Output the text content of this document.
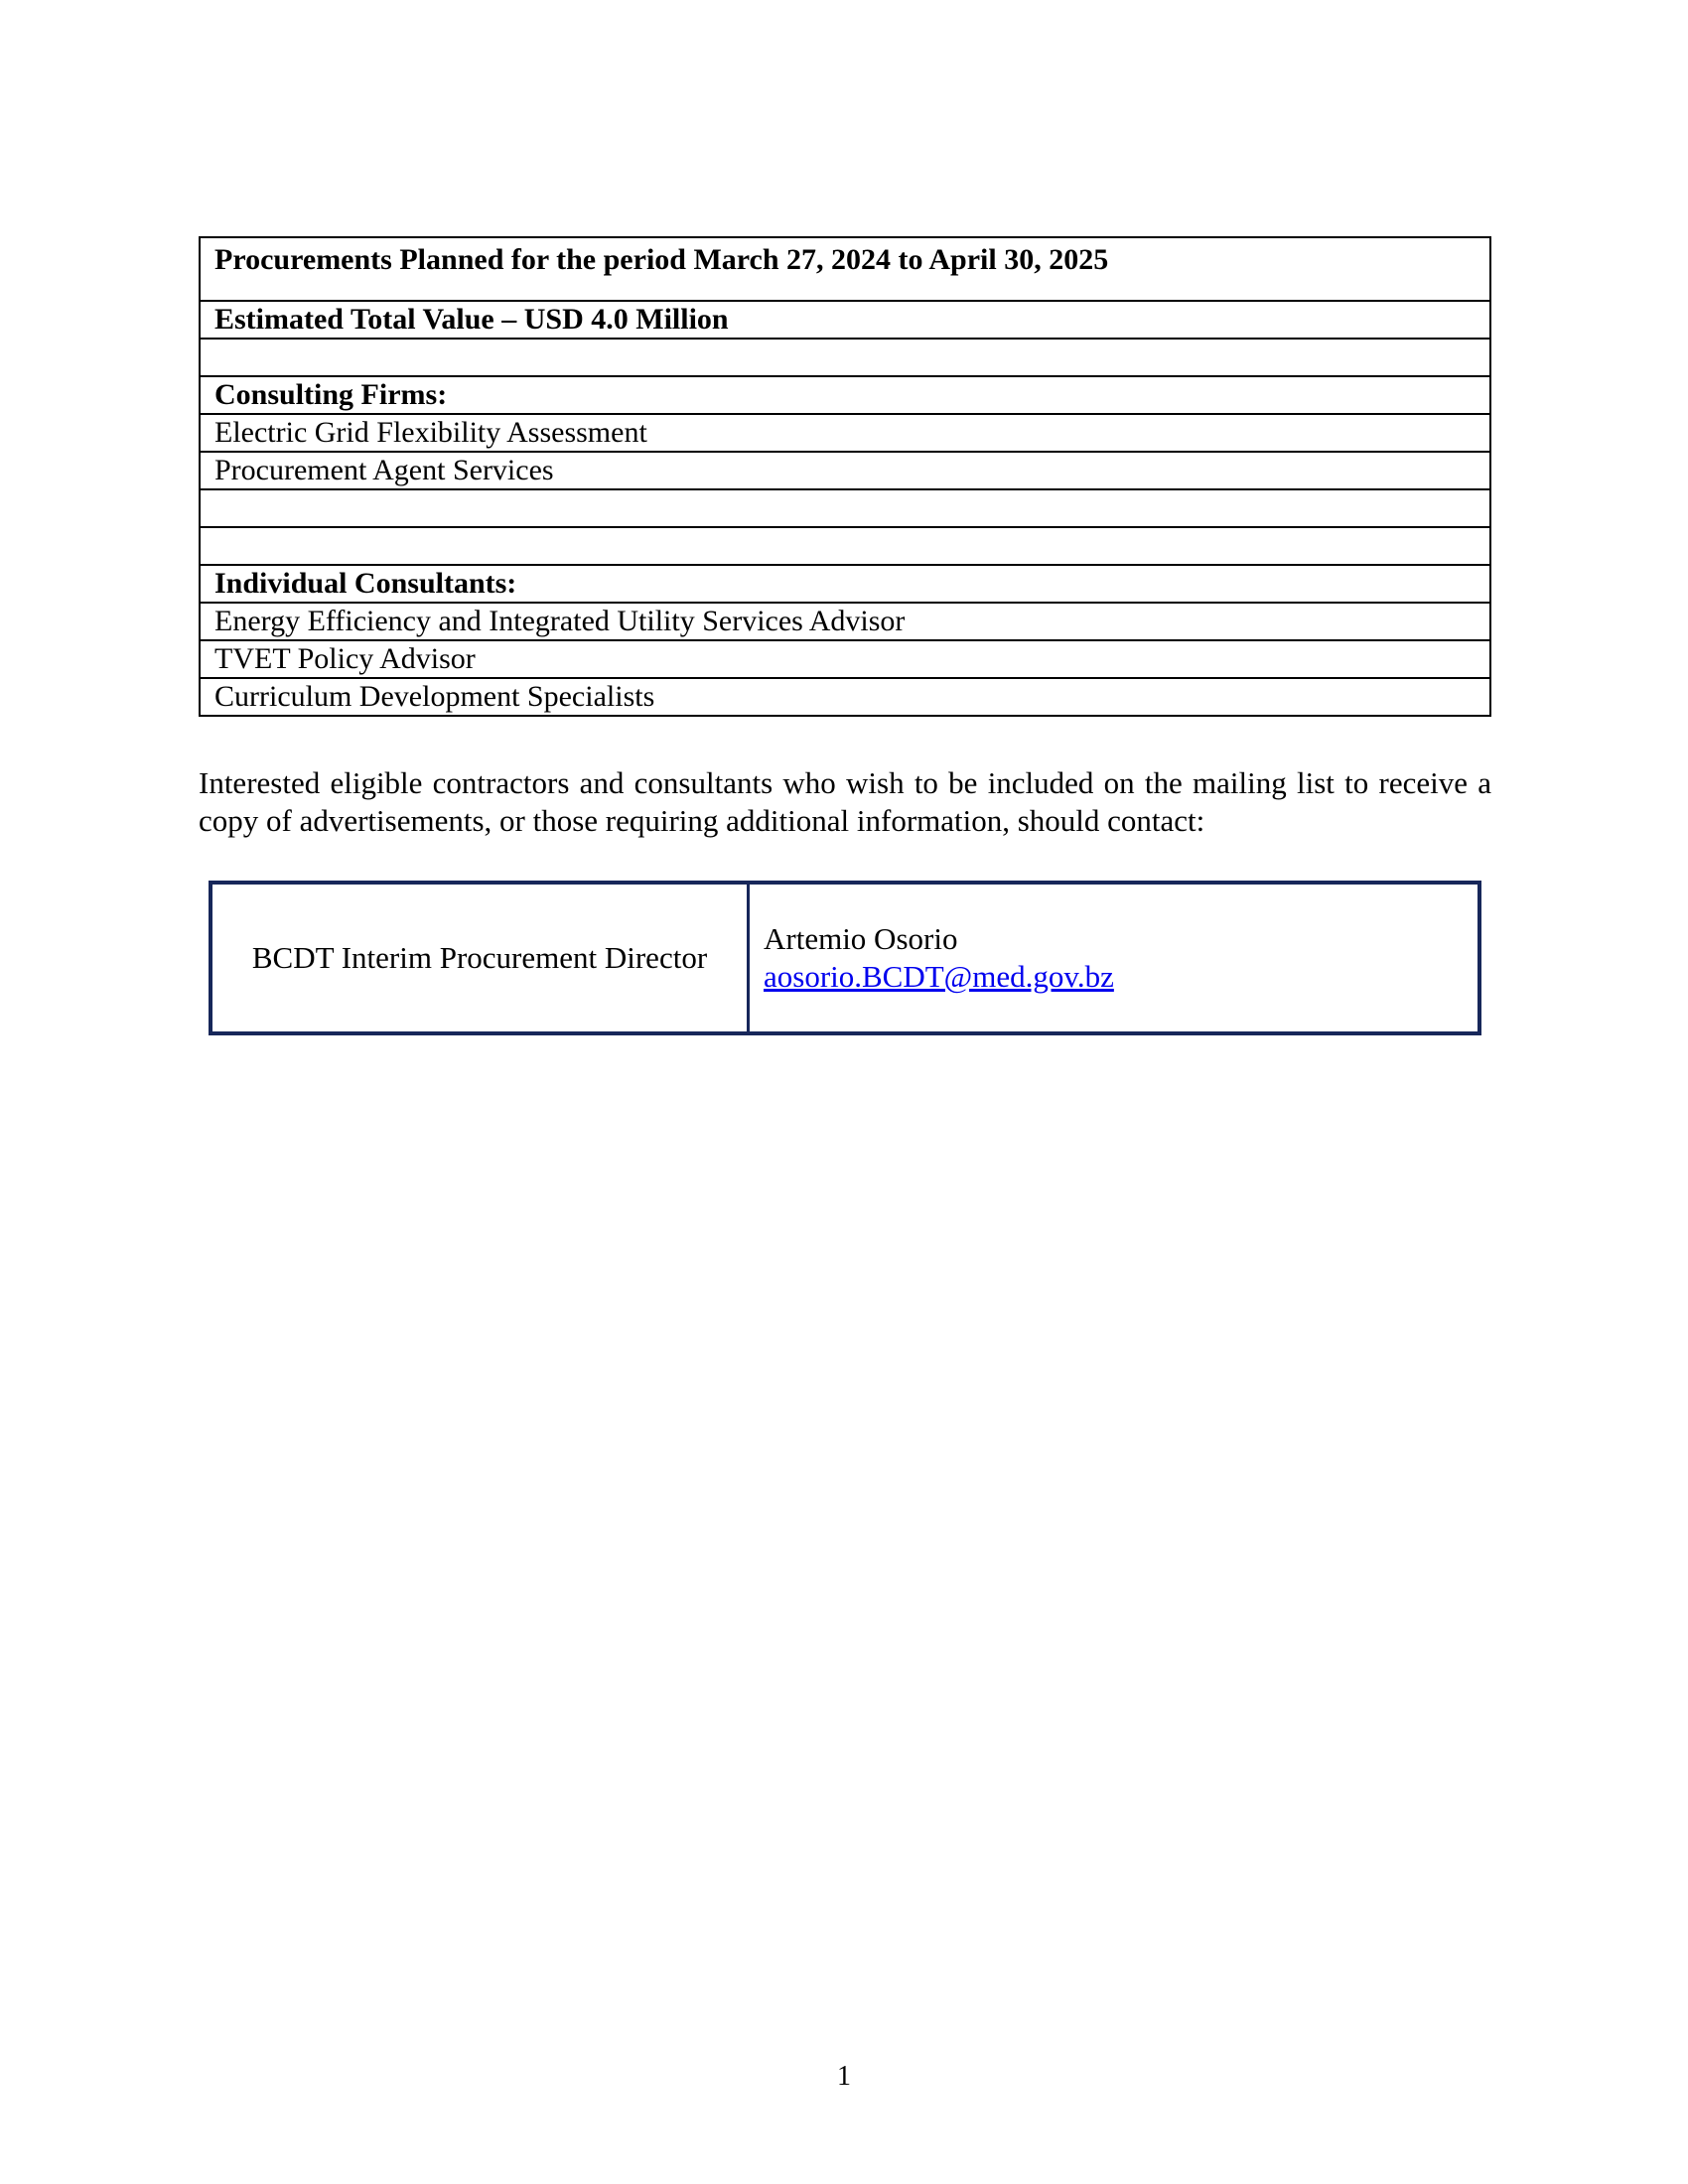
Procurements Planned for the period March 27, 2024 to April 30, 2025
Estimated Total Value – USD 4.0 Million

Consulting Firms:
Electric Grid Flexibility Assessment
Procurement Agent Services

Individual Consultants:
Energy Efficiency and Integrated Utility Services Advisor
TVET Policy Advisor
Curriculum Development Specialists

Interested eligible contractors and consultants who wish to be included on the mailing list to receive a copy of advertisements, or those requiring additional information, should contact:

BCDT Interim Procurement Director	
Artemio Osorio
aosorio.BCDT@med.gov.bz
1
